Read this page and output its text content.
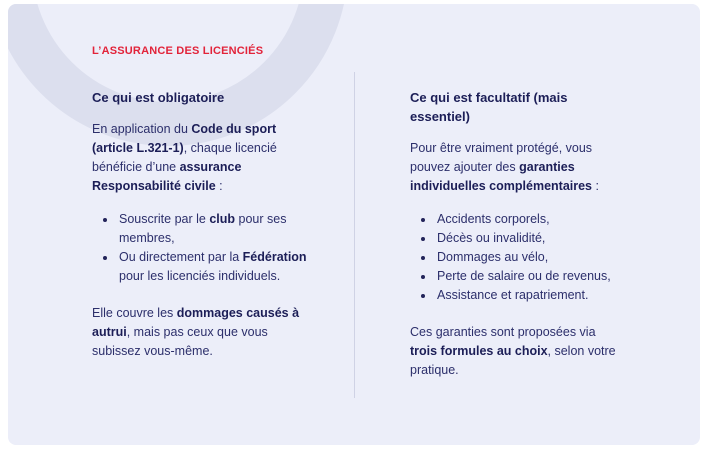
L’ASSURANCE DES LICENCIÉS

Ce qui est obligatoire

En application du Code du sport (article L.321-1), chaque licencié bénéficie d’une assurance Responsabilité civile :

• Souscrite par le club pour ses membres,
• Ou directement par la Fédération pour les licenciés individuels.

Elle couvre les dommages causés à autrui, mais pas ceux que vous subissez vous-même.

Ce qui est facultatif (mais essentiel)

Pour être vraiment protégé, vous pouvez ajouter des garanties individuelles complémentaires :

• Accidents corporels,
• Décès ou invalidité,
• Dommages au vélo,
• Perte de salaire ou de revenus,
• Assistance et rapatriement.

Ces garanties sont proposées via trois formules au choix, selon votre pratique.
